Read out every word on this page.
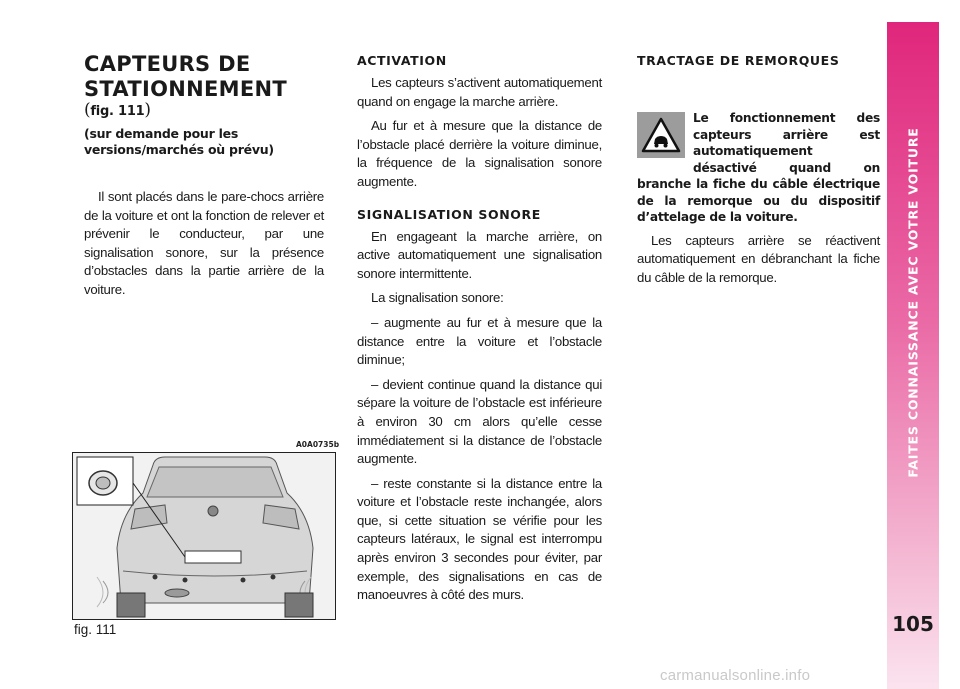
CAPTEURS DE
STATIONNEMENT

(fig. 111)

(sur demande pour les
versions/marchés où prévu)

Il sont placés dans le pare-chocs arrière de la voiture et ont la fonction de relever et prévenir le conducteur, par une signalisation sonore, sur la présence d’obstacles dans la partie arrière de la voiture.

A0A0735b
fig. 111
ACTIVATION

Les capteurs s’activent automatiquement quand on engage la marche arrière.

Au fur et à mesure que la distance de l’obstacle placé derrière la voiture diminue, la fréquence de la signalisation sonore augmente.

SIGNALISATION SONORE

En engageant la marche arrière, on active automatiquement une signalisation sonore intermittente.

La signalisation sonore:

– augmente au fur et à mesure que la distance entre la voiture et l’obstacle diminue;

– devient continue quand la distance qui sépare la voiture de l’obstacle est inférieure à environ 30 cm alors qu’elle cesse immédiatement si la distance de l’obstacle augmente.

– reste constante si la distance entre la voiture et l’obstacle reste inchangée, alors que, si cette situation se vérifie pour les capteurs latéraux, le signal est interrompu après environ 3 secondes pour éviter, par exemple, des signalisations en cas de manoeuvres à côté des murs.

TRACTAGE DE REMORQUES

Le fonctionnement des capteurs arrière est automatiquement désactivé	quand on branche la fiche du câble électrique de la remorque ou du dispositif d’attelage de la voiture.

Les capteurs arrière se réactivent automatiquement en débranchant la fiche du câble de la remorque.	FAITES CONNAISSANCE AVEC VOTRE VOITURE
105
carmanualsonline.info
